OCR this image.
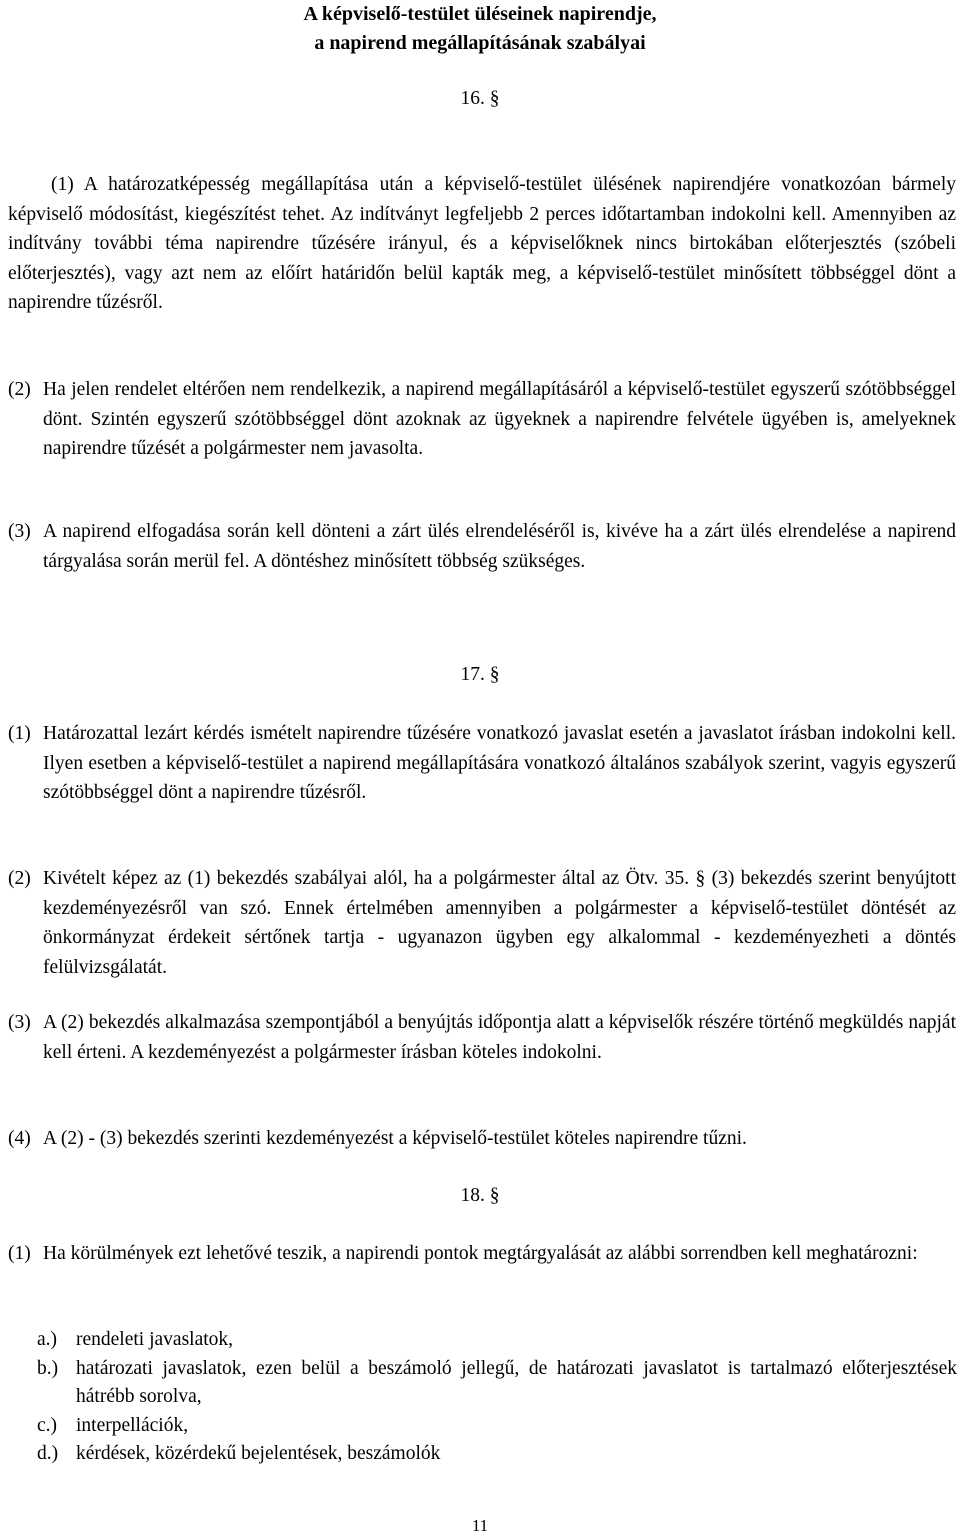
A képviselő-testület üléseinek napirendje,
a napirend megállapításának szabályai
16. §
(1) A határozatképesség megállapítása után a képviselő-testület ülésének napirendjére vonatkozóan bármely képviselő módosítást, kiegészítést tehet. Az indítványt legfeljebb 2 perces időtartamban indokolni kell. Amennyiben az indítvány további téma napirendre tűzésére irányul, és a képviselőknek nincs birtokában előterjesztés (szóbeli előterjesztés), vagy azt nem az előírt határidőn belül kapták meg, a képviselő-testület minősített többséggel dönt a napirendre tűzésről.
(2) Ha jelen rendelet eltérően nem rendelkezik, a napirend megállapításáról a képviselő-testület egyszerű szótöbbséggel dönt. Szintén egyszerű szótöbbséggel dönt azoknak az ügyeknek a napirendre felvétele ügyében is, amelyeknek napirendre tűzését a polgármester nem javasolta.
(3) A napirend elfogadása során kell dönteni a zárt ülés elrendeléséről is, kivéve ha a zárt ülés elrendelése a napirend tárgyalása során merül fel. A döntéshez minősített többség szükséges.
17. §
(1) Határozattal lezárt kérdés ismételt napirendre tűzésére vonatkozó javaslat esetén a javaslatot írásban indokolni kell. Ilyen esetben a képviselő-testület a napirend megállapítására vonatkozó általános szabályok szerint, vagyis egyszerű szótöbbséggel dönt a napirendre tűzésről.
(2) Kivételt képez az (1) bekezdés szabályai alól, ha a polgármester által az Ötv. 35. § (3) bekezdés szerint benyújtott kezdeményezésről van szó. Ennek értelmében amennyiben a polgármester a képviselő-testület döntését az önkormányzat érdekeit sértőnek tartja - ugyanazon ügyben egy alkalommal - kezdeményezheti a döntés felülvizsgálatát.
(3) A (2) bekezdés alkalmazása szempontjából a benyújtás időpontja alatt a képviselők részére történő megküldés napját kell érteni. A kezdeményezést a polgármester írásban köteles indokolni.
(4) A (2) - (3) bekezdés szerinti kezdeményezést a képviselő-testület köteles napirendre tűzni.
18. §
(1) Ha körülmények ezt lehetővé teszik, a napirendi pontok megtárgyalását az alábbi sorrendben kell meghatározni:
a.) rendeleti javaslatok,
b.) határozati javaslatok, ezen belül a beszámoló jellegű, de határozati javaslatot is tartalmazó előterjesztések hátrébb sorolva,
c.) interpellációk,
d.) kérdések, közérdekű bejelentések, beszámolók
11
